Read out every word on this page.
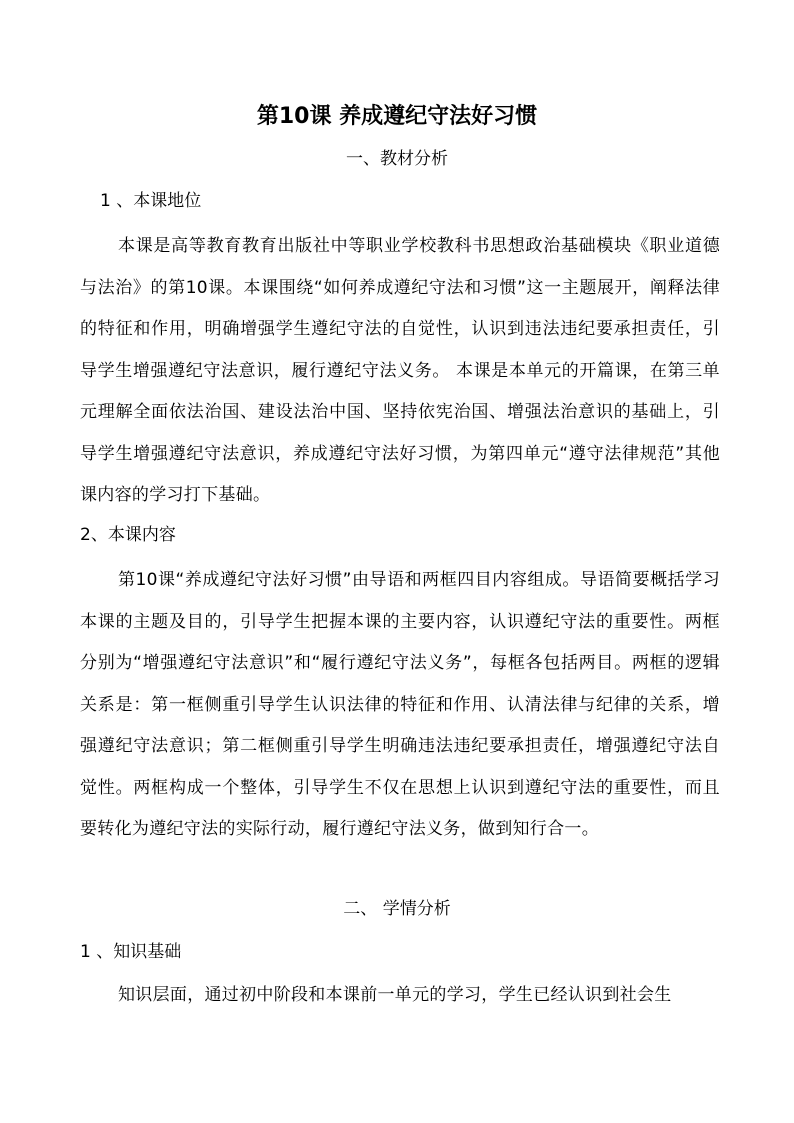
第10课 养成遵纪守法好习惯
一、教材分析
1 、本课地位

本课是高等教育教育出版社中等职业学校教科书思想政治基础模块《职业道德与法治》的第10课。本课围绕“如何养成遵纪守法和习惯”这一主题展开，阐释法律的特征和作用，明确增强学生遵纪守法的自觉性，认识到违法违纪要承担责任，引导学生增强遵纪守法意识，履行遵纪守法义务。 本课是本单元的开篇课，在第三单元理解全面依法治国、建设法治中国、坚持依宪治国、增强法治意识的基础上，引导学生增强遵纪守法意识，养成遵纪守法好习惯，为第四单元“遵守法律规范”其他课内容的学习打下基础。

2、本课内容

第10课“养成遵纪守法好习惯”由导语和两框四目内容组成。导语简要概括学习本课的主题及目的，引导学生把握本课的主要内容，认识遵纪守法的重要性。两框分别为“增强遵纪守法意识”和“履行遵纪守法义务”，每框各包括两目。两框的逻辑关系是：第一框侧重引导学生认识法律的特征和作用、认清法律与纪律的关系，增强遵纪守法意识；第二框侧重引导学生明确违法违纪要承担责任，增强遵纪守法自觉性。两框构成一个整体，引导学生不仅在思想上认识到遵纪守法的重要性，而且要转化为遵纪守法的实际行动，履行遵纪守法义务，做到知行合一。

二、 学情分析
1 、知识基础

知识层面，通过初中阶段和本课前一单元的学习，学生已经认识到社会生
